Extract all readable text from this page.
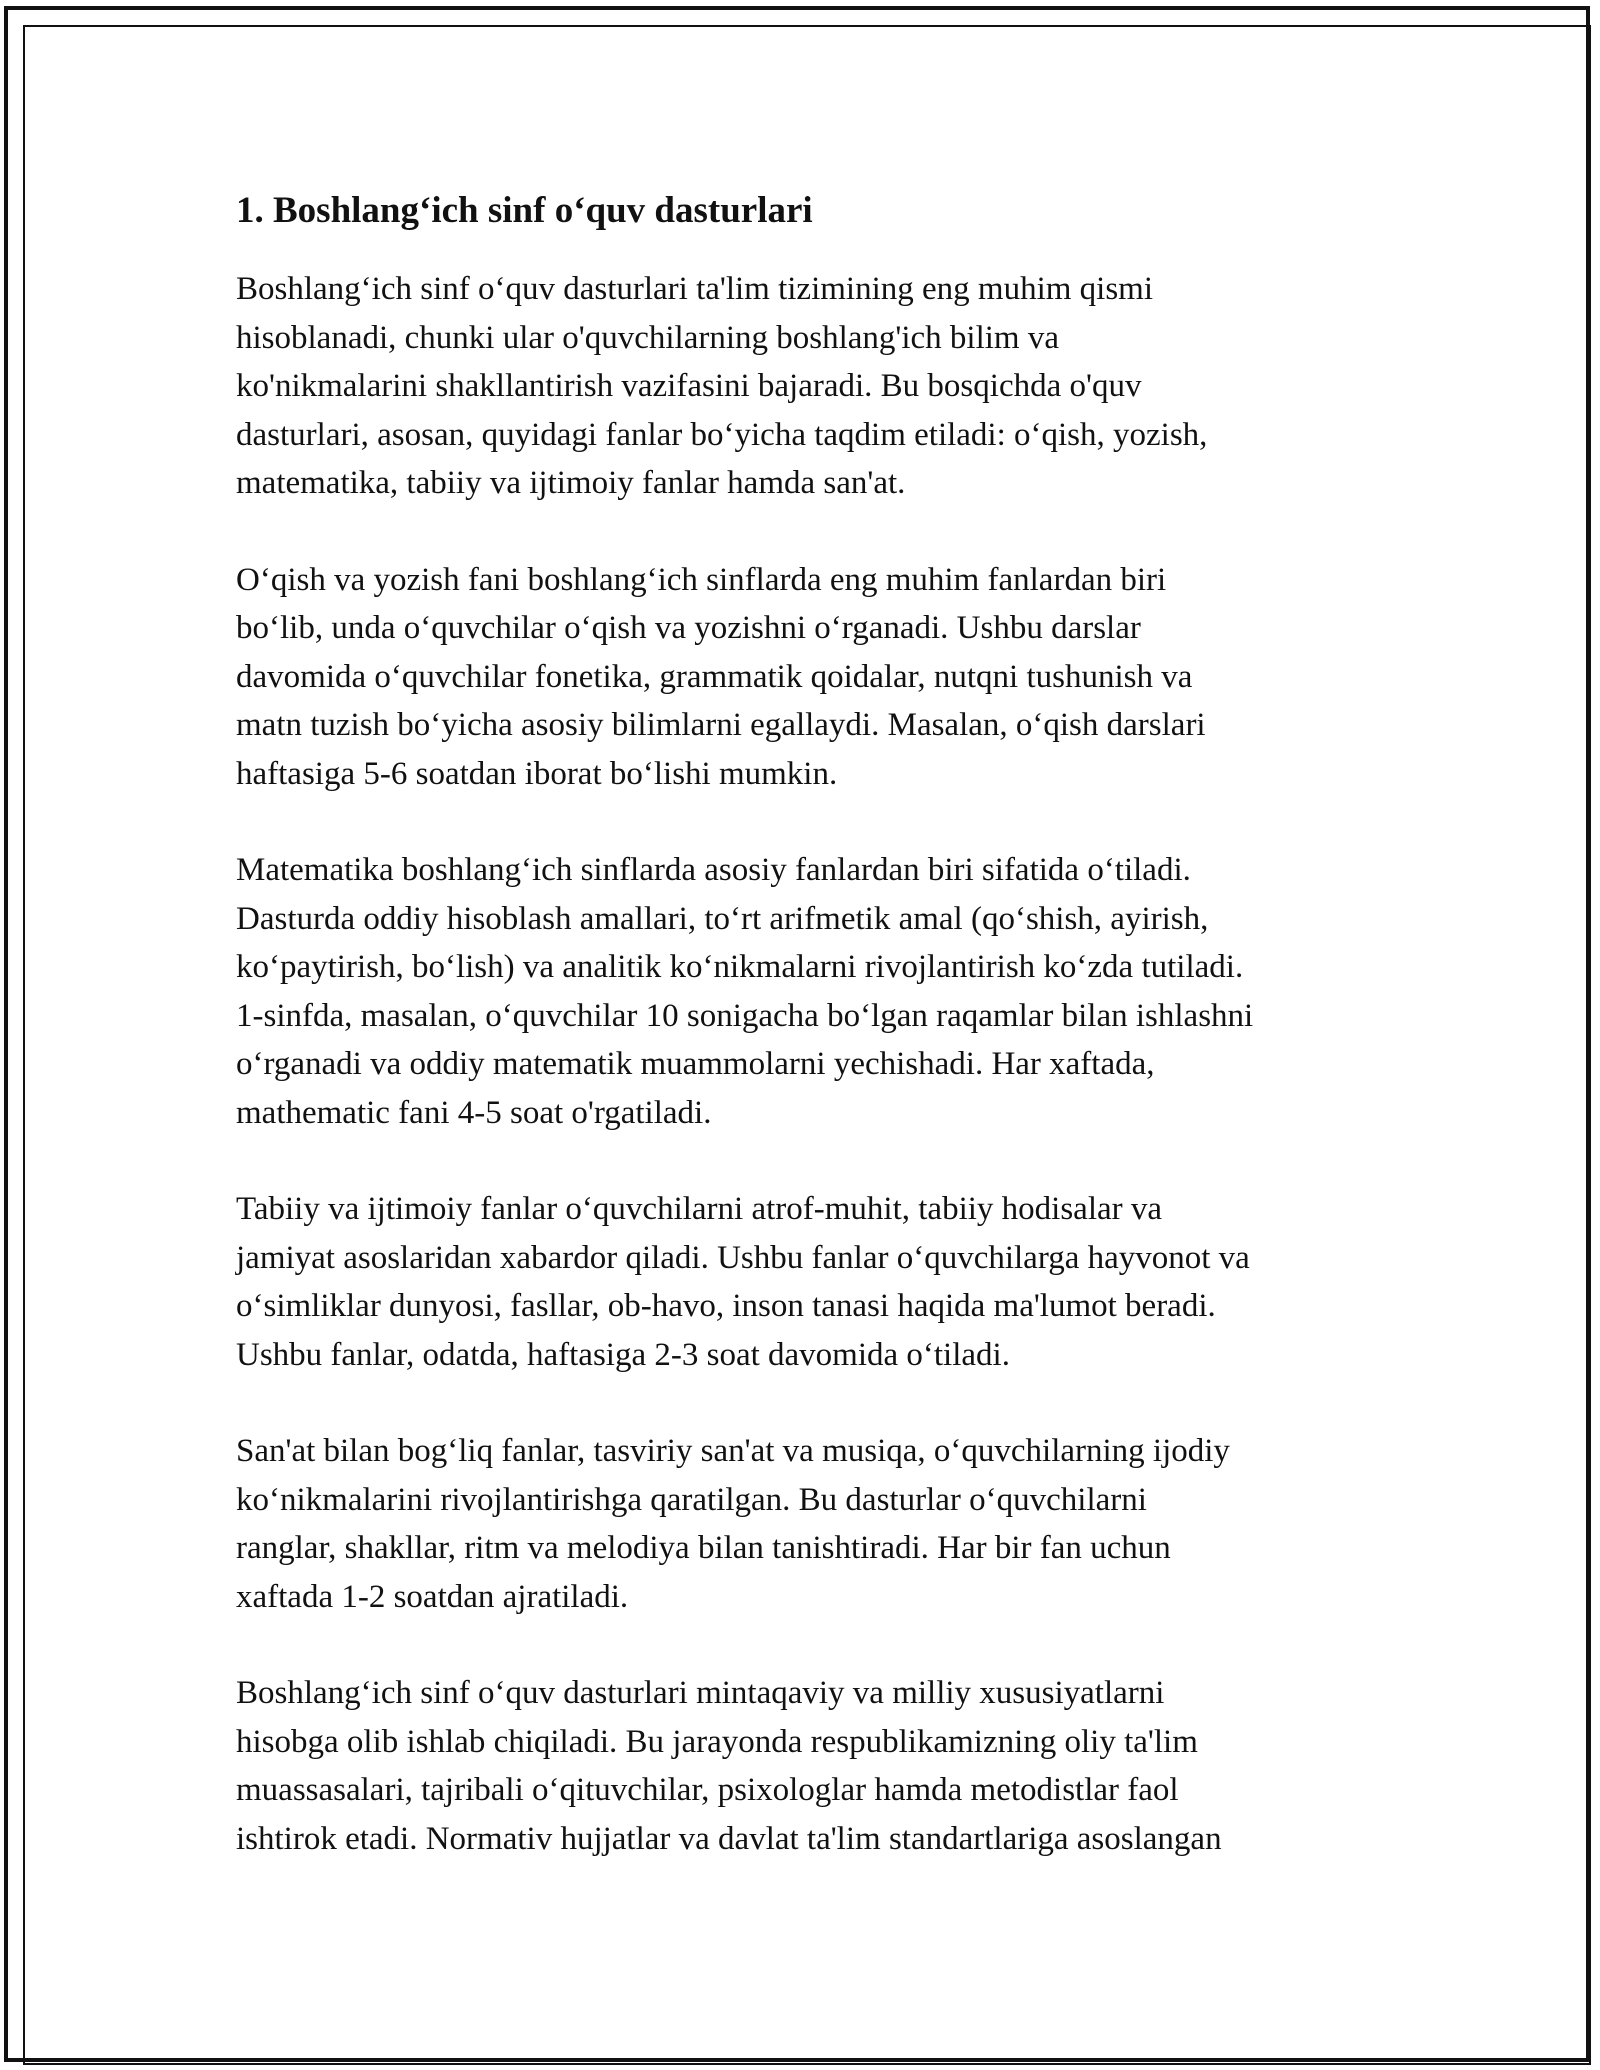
1. Boshlang‘ich sinf o‘quv dasturlari

Boshlang‘ich sinf o‘quv dasturlari ta'lim tizimining eng muhim qismi
hisoblanadi, chunki ular o'quvchilarning boshlang'ich bilim va
ko'nikmalarini shakllantirish vazifasini bajaradi. Bu bosqichda o'quv
dasturlari, asosan, quyidagi fanlar bo‘yicha taqdim etiladi: o‘qish, yozish,
matematika, tabiiy va ijtimoiy fanlar hamda san'at.

O‘qish va yozish fani boshlang‘ich sinflarda eng muhim fanlardan biri
bo‘lib, unda o‘quvchilar o‘qish va yozishni o‘rganadi. Ushbu darslar
davomida o‘quvchilar fonetika, grammatik qoidalar, nutqni tushunish va
matn tuzish bo‘yicha asosiy bilimlarni egallaydi. Masalan, o‘qish darslari
haftasiga 5-6 soatdan iborat bo‘lishi mumkin.

Matematika boshlang‘ich sinflarda asosiy fanlardan biri sifatida o‘tiladi.
Dasturda oddiy hisoblash amallari, to‘rt arifmetik amal (qo‘shish, ayirish,
ko‘paytirish, bo‘lish) va analitik ko‘nikmalarni rivojlantirish ko‘zda tutiladi.
1-sinfda, masalan, o‘quvchilar 10 sonigacha bo‘lgan raqamlar bilan ishlashni
o‘rganadi va oddiy matematik muammolarni yechishadi. Har xaftada,
mathematic fani 4-5 soat o'rgatiladi.

Tabiiy va ijtimoiy fanlar o‘quvchilarni atrof-muhit, tabiiy hodisalar va
jamiyat asoslaridan xabardor qiladi. Ushbu fanlar o‘quvchilarga hayvonot va
o‘simliklar dunyosi, fasllar, ob-havo, inson tanasi haqida ma'lumot beradi.
Ushbu fanlar, odatda, haftasiga 2-3 soat davomida o‘tiladi.

San'at bilan bog‘liq fanlar, tasviriy san'at va musiqa, o‘quvchilarning ijodiy
ko‘nikmalarini rivojlantirishga qaratilgan. Bu dasturlar o‘quvchilarni
ranglar, shakllar, ritm va melodiya bilan tanishtiradi. Har bir fan uchun
xaftada 1-2 soatdan ajratiladi.

Boshlang‘ich sinf o‘quv dasturlari mintaqaviy va milliy xususiyatlarni
hisobga olib ishlab chiqiladi. Bu jarayonda respublikamizning oliy ta'lim
muassasalari, tajribali o‘qituvchilar, psixologlar hamda metodistlar faol
ishtirok etadi. Normativ hujjatlar va davlat ta'lim standartlariga asoslangan
